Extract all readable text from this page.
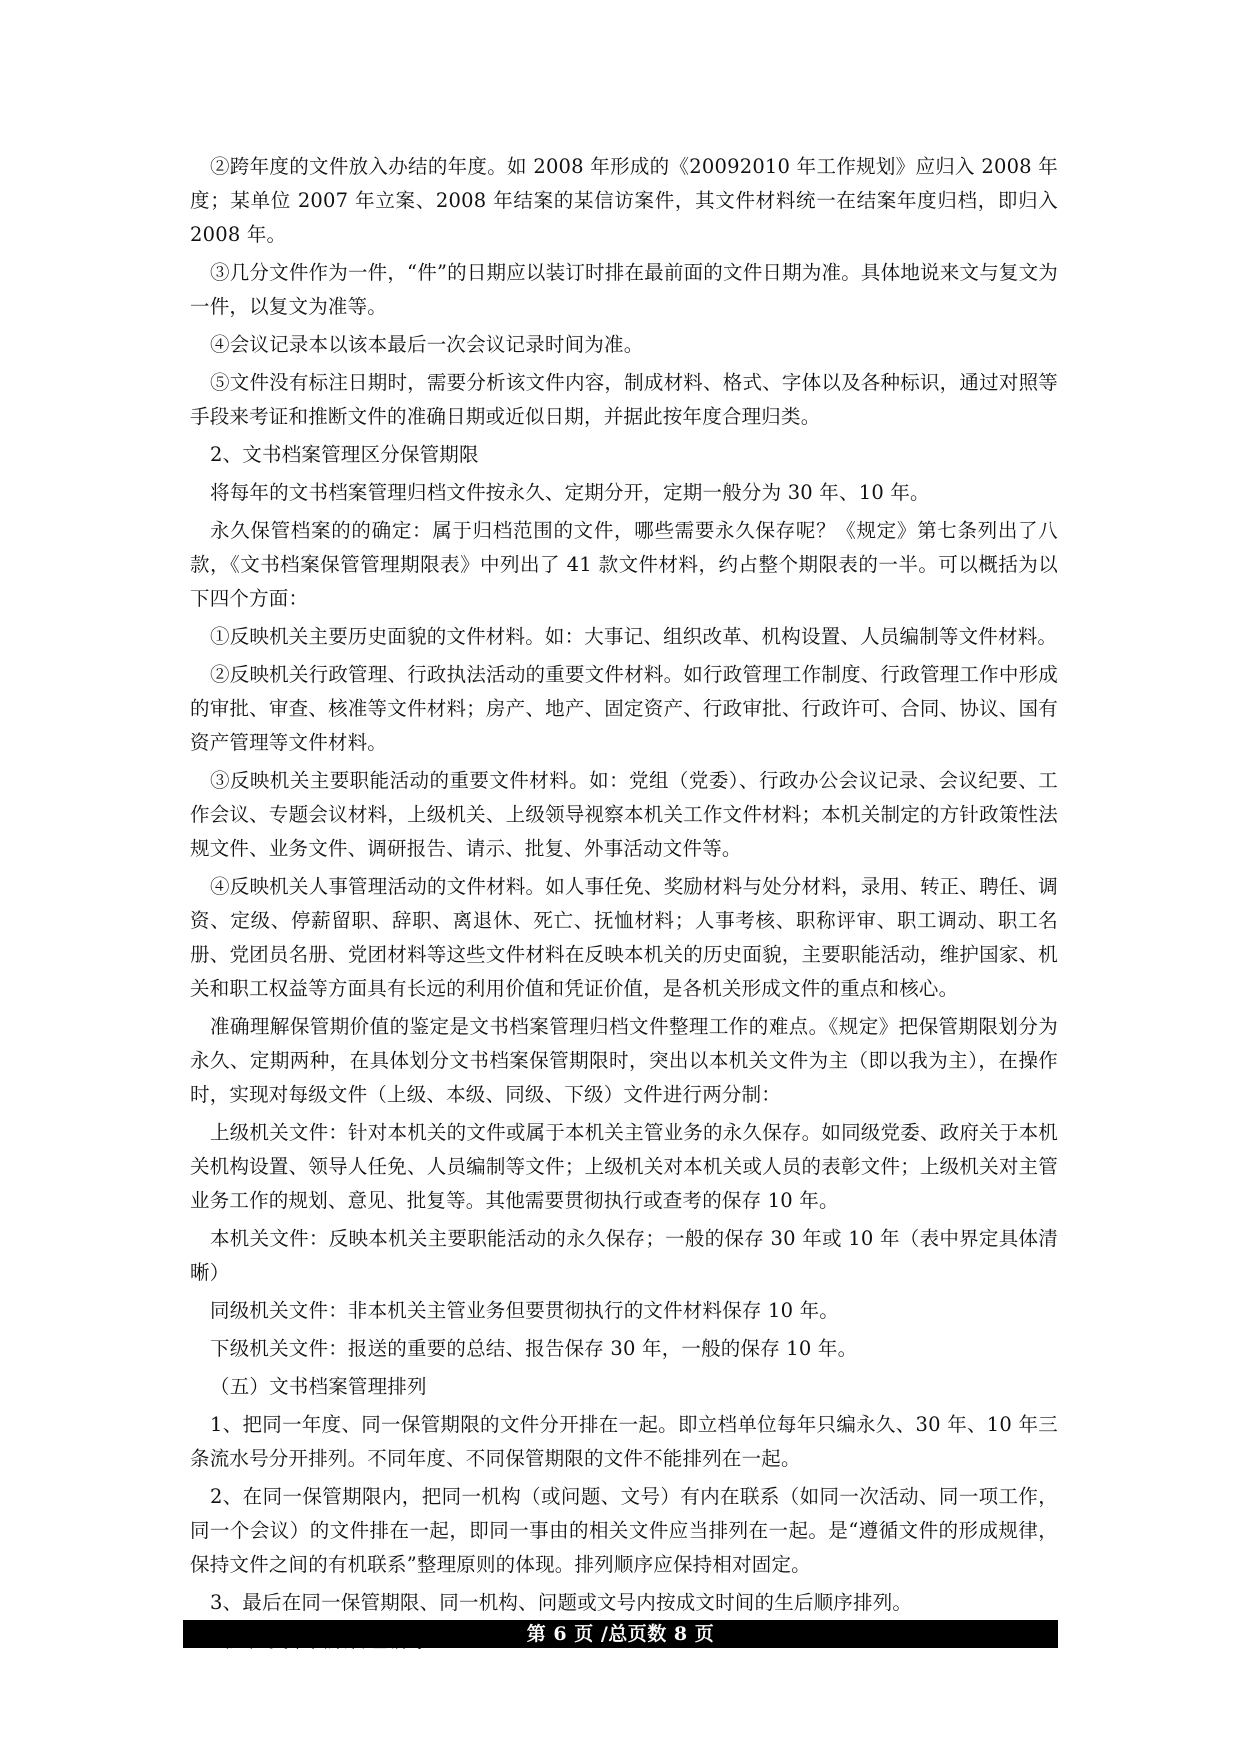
②跨年度的文件放入办结的年度。如 2008 年形成的《20092010 年工作规划》应归入 2008 年度；某单位 2007 年立案、2008 年结案的某信访案件，其文件材料统一在结案年度归档，即归入 2008 年。

③几分文件作为一件，“件”的日期应以装订时排在最前面的文件日期为准。具体地说来文与复文为一件，以复文为准等。

④会议记录本以该本最后一次会议记录时间为准。

⑤文件没有标注日期时，需要分析该文件内容，制成材料、格式、字体以及各种标识，通过对照等手段来考证和推断文件的准确日期或近似日期，并据此按年度合理归类。

2、文书档案管理区分保管期限

将每年的文书档案管理归档文件按永久、定期分开，定期一般分为 30 年、10 年。

永久保管档案的的确定：属于归档范围的文件，哪些需要永久保存呢？《规定》第七条列出了八款，《文书档案保管管理期限表》中列出了 41 款文件材料，约占整个期限表的一半。可以概括为以下四个方面：

①反映机关主要历史面貌的文件材料。如：大事记、组织改革、机构设置、人员编制等文件材料。

②反映机关行政管理、行政执法活动的重要文件材料。如行政管理工作制度、行政管理工作中形成的审批、审查、核准等文件材料；房产、地产、固定资产、行政审批、行政许可、合同、协议、国有资产管理等文件材料。

③反映机关主要职能活动的重要文件材料。如：党组（党委）、行政办公会议记录、会议纪要、工作会议、专题会议材料，上级机关、上级领导视察本机关工作文件材料；本机关制定的方针政策性法规文件、业务文件、调研报告、请示、批复、外事活动文件等。

④反映机关人事管理活动的文件材料。如人事任免、奖励材料与处分材料，录用、转正、聘任、调资、定级、停薪留职、辞职、离退休、死亡、抚恤材料；人事考核、职称评审、职工调动、职工名册、党团员名册、党团材料等这些文件材料在反映本机关的历史面貌，主要职能活动，维护国家、机关和职工权益等方面具有长远的利用价值和凭证价值，是各机关形成文件的重点和核心。

准确理解保管期价值的鉴定是文书档案管理归档文件整理工作的难点。《规定》把保管期限划分为永久、定期两种，在具体划分文书档案保管期限时，突出以本机关文件为主（即以我为主），在操作时，实现对每级文件（上级、本级、同级、下级）文件进行两分制：

上级机关文件：针对本机关的文件或属于本机关主管业务的永久保存。如同级党委、政府关于本机关机构设置、领导人任免、人员编制等文件；上级机关对本机关或人员的表彰文件；上级机关对主管业务工作的规划、意见、批复等。其他需要贯彻执行或查考的保存 10 年。

本机关文件：反映本机关主要职能活动的永久保存；一般的保存 30 年或 10 年（表中界定具体清晰）

同级机关文件：非本机关主管业务但要贯彻执行的文件材料保存 10 年。

下级机关文件：报送的重要的总结、报告保存 30 年，一般的保存 10 年。

（五）文书档案管理排列

1、把同一年度、同一保管期限的文件分开排在一起。即立档单位每年只编永久、30 年、10 年三条流水号分开排列。不同年度、不同保管期限的文件不能排列在一起。

2、在同一保管期限内，把同一机构（或问题、文号）有内在联系（如同一次活动、同一项工作，同一个会议）的文件排在一起，即同一事由的相关文件应当排列在一起。是“遵循文件的形成规律，保持文件之间的有机联系”整理原则的体现。排列顺序应保持相对固定。

3、最后在同一保管期限、同一机构、问题或文号内按成文时间的生后顺序排列。

第 6 页 /总页数 8 页
